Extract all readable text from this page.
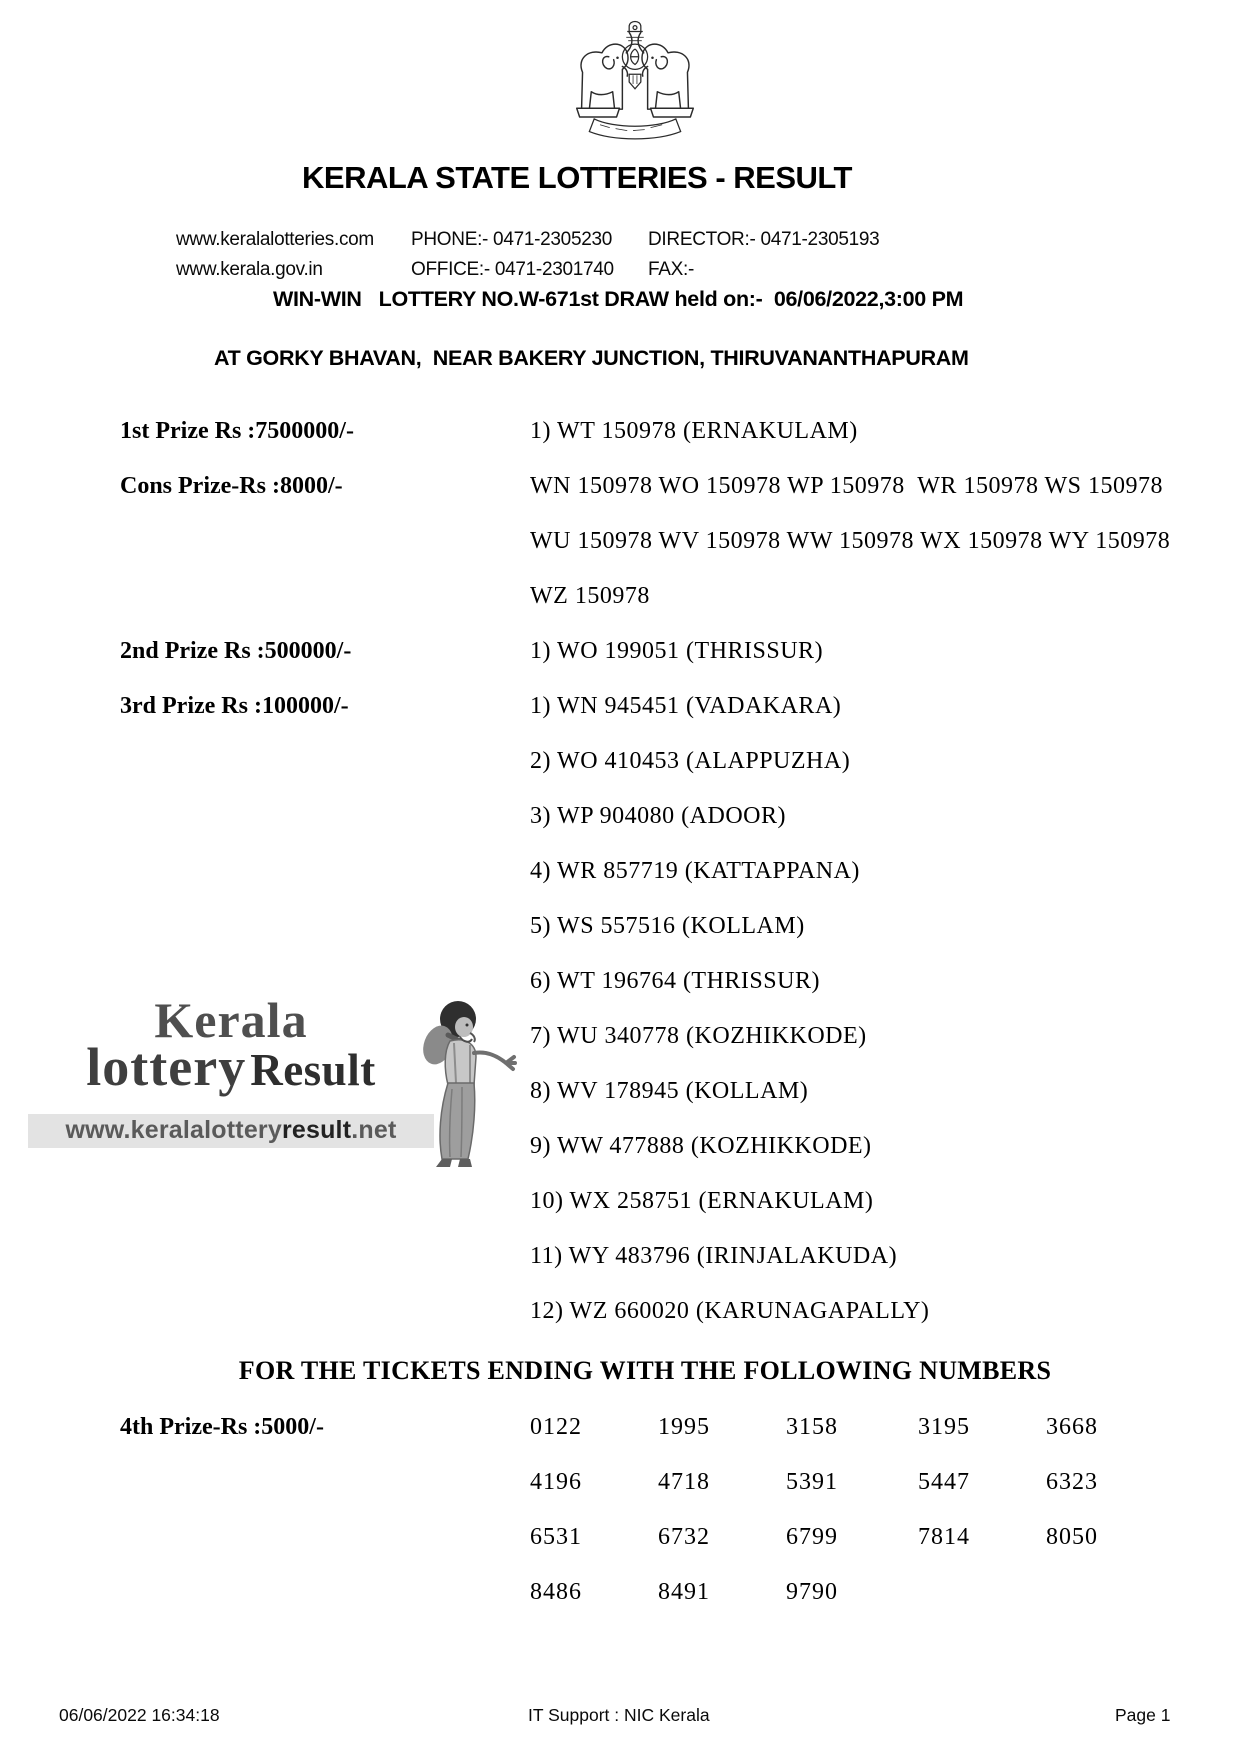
KERALA STATE LOTTERIES - RESULT
www.keralalotteries.com PHONE:- 0471-2305230 DIRECTOR:- 0471-2305193
www.kerala.gov.in	OFFICE:- 0471-2301740 FAX:-
WIN-WIN   LOTTERY NO.W-671st DRAW held on:-  06/06/2022,3:00 PM
AT GORKY BHAVAN,  NEAR BAKERY JUNCTION, THIRUVANANTHAPURAM
1st Prize Rs :7500000/-	1) WT 150978 (ERNAKULAM)
Cons Prize-Rs :8000/-	WN 150978 WO 150978 WP 150978  WR 150978 WS 150978
WU 150978 WV 150978 WW 150978 WX 150978 WY 150978
WZ 150978
2nd Prize Rs :500000/-	1) WO 199051 (THRISSUR)
3rd Prize Rs :100000/-	1) WN 945451 (VADAKARA)
2) WO 410453 (ALAPPUZHA)
3) WP 904080 (ADOOR)
4) WR 857719 (KATTAPPANA)
5) WS 557516 (KOLLAM)
6) WT 196764 (THRISSUR)
7) WU 340778 (KOZHIKKODE)
8) WV 178945 (KOLLAM)
9) WW 477888 (KOZHIKKODE)
10) WX 258751 (ERNAKULAM)
11) WY 483796 (IRINJALAKUDA)
12) WZ 660020 (KARUNAGAPALLY)
FOR THE TICKETS ENDING WITH THE FOLLOWING NUMBERS
4th Prize-Rs :5000/-	0122	1995	3158	3195	3668
4196	4718	5391	5447	6323
6531	6732	6799	7814	8050
8486	8491	9790
Kerala
lottery Result
www.keralalotteryresult.net
06/06/2022 16:34:18	IT Support : NIC Kerala	Page 1
